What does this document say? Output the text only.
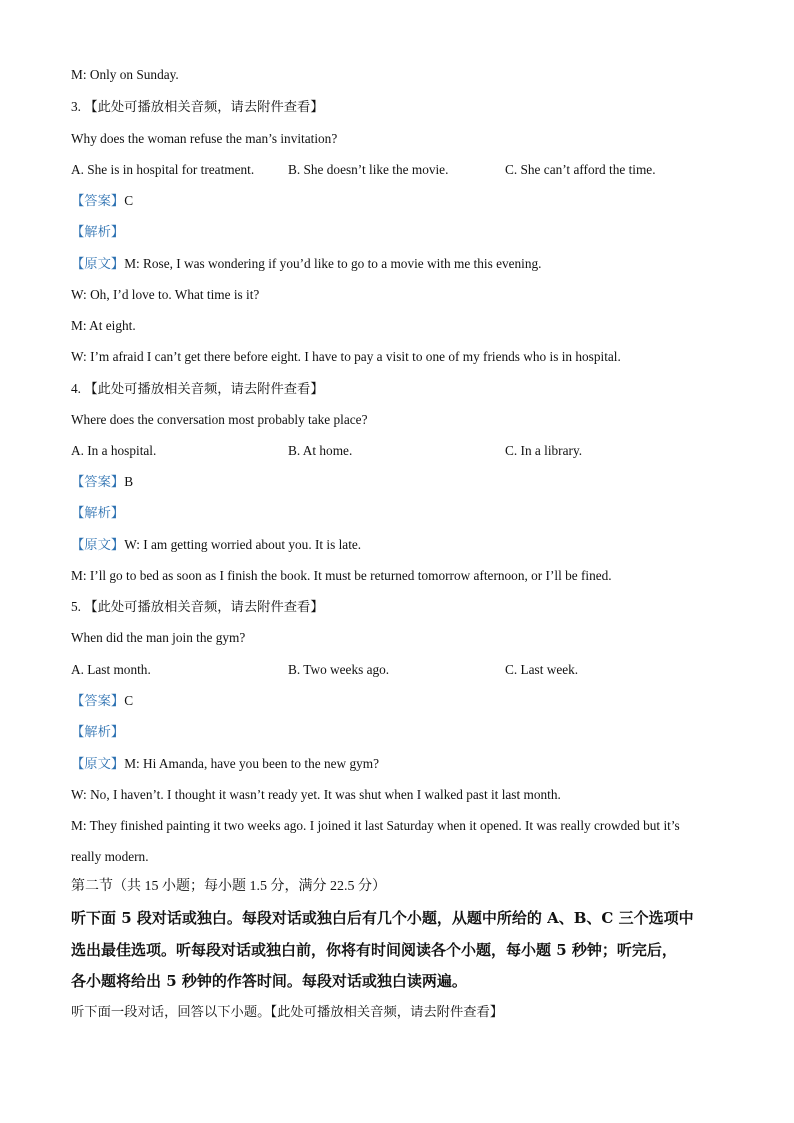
M: Only on Sunday.
3. 【此处可播放相关音频，请去附件查看】
Why does the woman refuse the man’s invitation?
A. She is in hospital for treatment.	B. She doesn’t like the movie.	C. She can’t afford the time.
【答案】C
【解析】
【原文】M: Rose, I was wondering if you’d like to go to a movie with me this evening.
W: Oh, I’d love to. What time is it?
M: At eight.
W: I’m afraid I can’t get there before eight. I have to pay a visit to one of my friends who is in hospital.
4. 【此处可播放相关音频，请去附件查看】
Where does the conversation most probably take place?
A. In a hospital.	B. At home.	C. In a library.
【答案】B
【解析】
【原文】W: I am getting worried about you. It is late.
M: I’ll go to bed as soon as I finish the book. It must be returned tomorrow afternoon, or I’ll be fined.
5. 【此处可播放相关音频，请去附件查看】
When did the man join the gym?
A. Last month.	B. Two weeks ago.	C. Last week.
【答案】C
【解析】
【原文】M: Hi Amanda, have you been to the new gym?
W: No, I haven’t. I thought it wasn’t ready yet. It was shut when I walked past it last month.
M: They finished painting it two weeks ago. I joined it last Saturday when it opened. It was really crowded but it’s
really modern.
第二节（共 15 小题；每小题 1.5 分，满分 22.5 分）
听下面 5 段对话或独白。每段对话或独白后有几个小题，从题中所给的 A、B、C 三个选项中
选出最佳选项。听每段对话或独白前，你将有时间阅读各个小题，每小题 5 秒钟；听完后，
各小题将给出 5 秒钟的作答时间。每段对话或独白读两遍。
听下面一段对话，回答以下小题。【此处可播放相关音频，请去附件查看】
